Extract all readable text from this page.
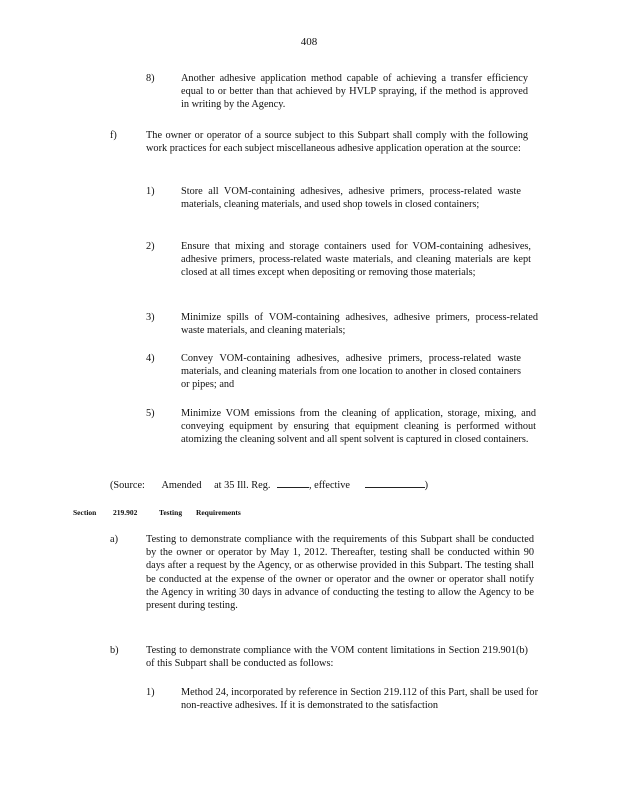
408
8)	Another adhesive application method capable of achieving a transfer efficiency equal to or better than that achieved by HVLP spraying, if the method is approved in writing by the Agency.
f)	The owner or operator of a source subject to this Subpart shall comply with the following work practices for each subject miscellaneous adhesive application operation at the source:
1)	Store all VOM-containing adhesives, adhesive primers, process-related waste materials, cleaning materials, and used shop towels in closed containers;
2)	Ensure that mixing and storage containers used for VOM-containing adhesives, adhesive primers, process-related waste materials, and cleaning materials are kept closed at all times except when depositing or removing those materials;
3)	Minimize spills of VOM-containing adhesives, adhesive primers, process-related waste materials, and cleaning materials;
4)	Convey VOM-containing adhesives, adhesive primers, process-related waste materials, and cleaning materials from one location to another in closed containers or pipes; and
5)	Minimize VOM emissions from the cleaning of application, storage, mixing, and conveying equipment by ensuring that equipment cleaning is performed without atomizing the cleaning solvent and all spent solvent is captured in closed containers.
(Source: Amended at 35 Ill. Reg.	, effective	)
Section 219.902	Testing Requirements
a)	Testing to demonstrate compliance with the requirements of this Subpart shall be conducted by the owner or operator by May 1, 2012. Thereafter, testing shall be conducted within 90 days after a request by the Agency, or as otherwise provided in this Subpart. The testing shall be conducted at the expense of the owner or operator and the owner or operator shall notify the Agency in writing 30 days in advance of conducting the testing to allow the Agency to be present during testing.
b)	Testing to demonstrate compliance with the VOM content limitations in Section 219.901(b) of this Subpart shall be conducted as follows:
1)	Method 24, incorporated by reference in Section 219.112 of this Part, shall be used for non-reactive adhesives. If it is demonstrated to the satisfaction
